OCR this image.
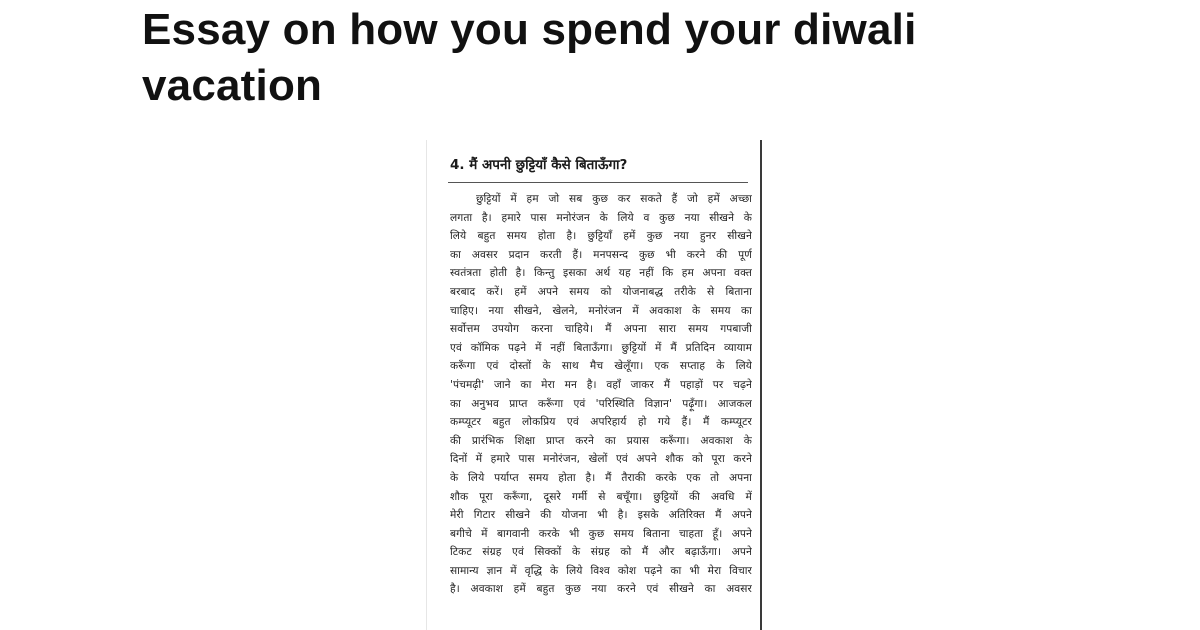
Essay on how you spend your diwali vacation
4. मैं अपनी छुट्टियाँ कैसे बिताऊँगा?
छुट्टियों में हम जो सब कुछ कर सकते हैं जो हमें अच्छा
लगता है। हमारे पास मनोरंजन के लिये व कुछ नया सीखने के
लिये बहुत समय होता है। छुट्टियाँ हमें कुछ नया हुनर सीखने
का अवसर प्रदान करती हैं। मनपसन्द कुछ भी करने की पूर्ण
स्वतंत्रता होती है। किन्तु इसका अर्थ यह नहीं कि हम अपना वक्त
बरबाद करें। हमें अपने समय को योजनाबद्ध तरीके से बिताना
चाहिए। नया सीखने, खेलने, मनोरंजन में अवकाश के समय का
सर्वोत्तम उपयोग करना चाहिये। मैं अपना सारा समय गपबाजी
एवं कॉमिक पढ़ने में नहीं बिताऊँगा। छुट्टियों में मैं प्रतिदिन व्यायाम
करूँगा एवं दोस्तों के साथ मैच खेलूँगा। एक सप्ताह के लिये
'पंचमढ़ी' जाने का मेरा मन है। वहाँ जाकर मैं पहाड़ों पर चढ़ने
का अनुभव प्राप्त करूँगा एवं 'परिस्थिति विज्ञान' पढ़ूँगा। आजकल
कम्प्यूटर बहुत लोकप्रिय एवं अपरिहार्य हो गये हैं। मैं कम्प्यूटर
की प्रारंभिक शिक्षा प्राप्त करने का प्रयास करूँगा। अवकाश के
दिनों में हमारे पास मनोरंजन, खेलों एवं अपने शौक को पूरा करने
के लिये पर्याप्त समय होता है। मैं तैराकी करके एक तो अपना
शौक पूरा करूँगा, दूसरे गर्मी से बचूँगा। छुट्टियों की अवधि में
मेरी गिटार सीखने की योजना भी है। इसके अतिरिक्त मैं अपने
बगीचे में बागवानी करके भी कुछ समय बिताना चाहता हूँ। अपने
टिकट संग्रह एवं सिक्कों के संग्रह को मैं और बढ़ाऊँगा। अपने
सामान्य ज्ञान में वृद्धि के लिये विश्व कोश पढ़ने का भी मेरा विचार
है। अवकाश हमें बहुत कुछ नया करने एवं सीखने का अवसर
